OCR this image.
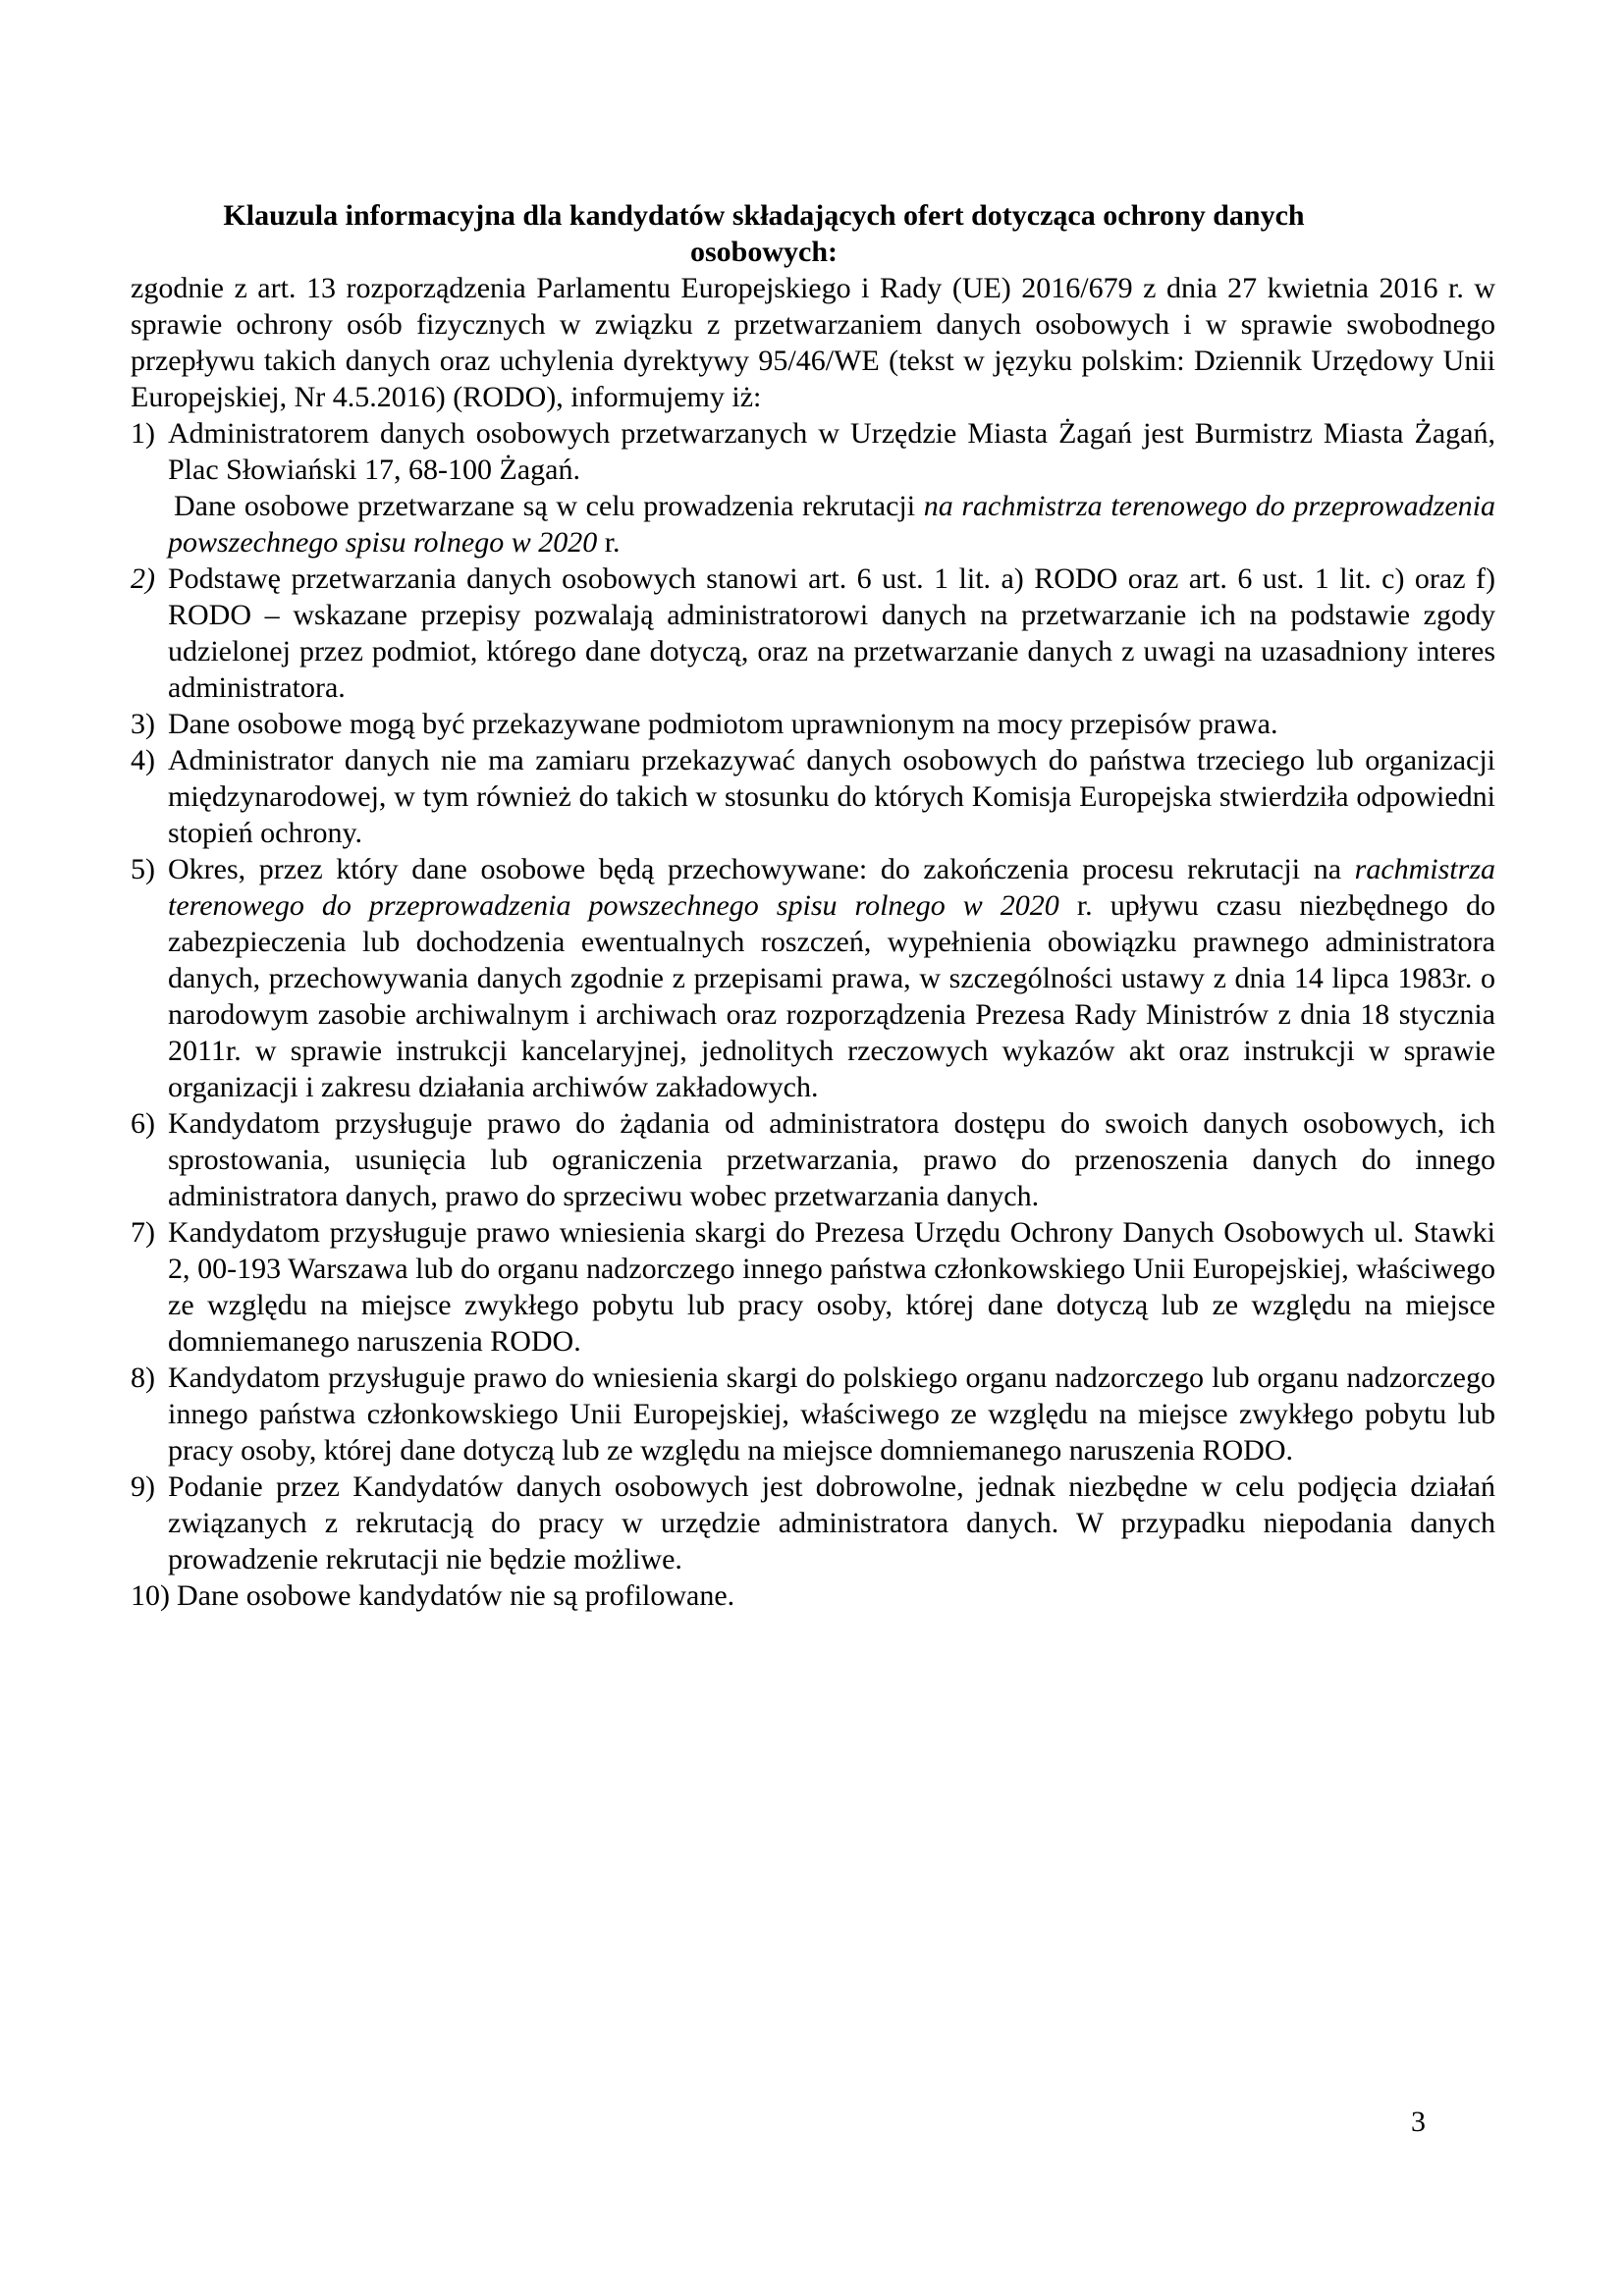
Klauzula informacyjna dla kandydatów składających ofert dotycząca ochrony danych
osobowych:
zgodnie z art. 13 rozporządzenia Parlamentu Europejskiego i Rady (UE) 2016/679 z dnia 27 kwietnia 2016 r. w sprawie ochrony osób fizycznych w związku z przetwarzaniem danych osobowych i w sprawie swobodnego przepływu takich danych oraz uchylenia dyrektywy 95/46/WE (tekst w języku polskim: Dziennik Urzędowy Unii Europejskiej, Nr 4.5.2016) (RODO), informujemy iż:
1) Administratorem danych osobowych przetwarzanych w Urzędzie Miasta Żagań jest Burmistrz Miasta Żagań, Plac Słowiański 17, 68-100 Żagań.
Dane osobowe przetwarzane są w celu prowadzenia rekrutacji na rachmistrza terenowego do przeprowadzenia powszechnego spisu rolnego w 2020 r.
2) Podstawę przetwarzania danych osobowych stanowi art. 6 ust. 1 lit. a) RODO oraz art. 6 ust. 1 lit. c) oraz f) RODO – wskazane przepisy pozwalają administratorowi danych na przetwarzanie ich na podstawie zgody udzielonej przez podmiot, którego dane dotyczą, oraz na przetwarzanie danych z uwagi na uzasadniony interes administratora.
3) Dane osobowe mogą być przekazywane podmiotom uprawnionym na mocy przepisów prawa.
4) Administrator danych nie ma zamiaru przekazywać danych osobowych do państwa trzeciego lub organizacji międzynarodowej, w tym również do takich w stosunku do których Komisja Europejska stwierdziła odpowiedni stopień ochrony.
5) Okres, przez który dane osobowe będą przechowywane: do zakończenia procesu rekrutacji na rachmistrza terenowego do przeprowadzenia powszechnego spisu rolnego w 2020 r. upływu czasu niezbędnego do zabezpieczenia lub dochodzenia ewentualnych roszczeń, wypełnienia obowiązku prawnego administratora danych, przechowywania danych zgodnie z przepisami prawa, w szczególności ustawy z dnia 14 lipca 1983r. o narodowym zasobie archiwalnym i archiwach oraz rozporządzenia Prezesa Rady Ministrów z dnia 18 stycznia 2011r. w sprawie instrukcji kancelaryjnej, jednolitych rzeczowych wykazów akt oraz instrukcji w sprawie organizacji i zakresu działania archiwów zakładowych.
6) Kandydatom przysługuje prawo do żądania od administratora dostępu do swoich danych osobowych, ich sprostowania, usunięcia lub ograniczenia przetwarzania, prawo do przenoszenia danych do innego administratora danych, prawo do sprzeciwu wobec przetwarzania danych.
7) Kandydatom przysługuje prawo wniesienia skargi do Prezesa Urzędu Ochrony Danych Osobowych ul. Stawki 2, 00-193 Warszawa lub do organu nadzorczego innego państwa członkowskiego Unii Europejskiej, właściwego ze względu na miejsce zwykłego pobytu lub pracy osoby, której dane dotyczą lub ze względu na miejsce domniemanego naruszenia RODO.
8) Kandydatom przysługuje prawo do wniesienia skargi do polskiego organu nadzorczego lub organu nadzorczego innego państwa członkowskiego Unii Europejskiej, właściwego ze względu na miejsce zwykłego pobytu lub pracy osoby, której dane dotyczą lub ze względu na miejsce domniemanego naruszenia RODO.
9) Podanie przez Kandydatów danych osobowych jest dobrowolne, jednak niezbędne w celu podjęcia działań związanych z rekrutacją do pracy w urzędzie administratora danych. W przypadku niepodania danych prowadzenie rekrutacji nie będzie możliwe.
10) Dane osobowe kandydatów nie są profilowane.
3
